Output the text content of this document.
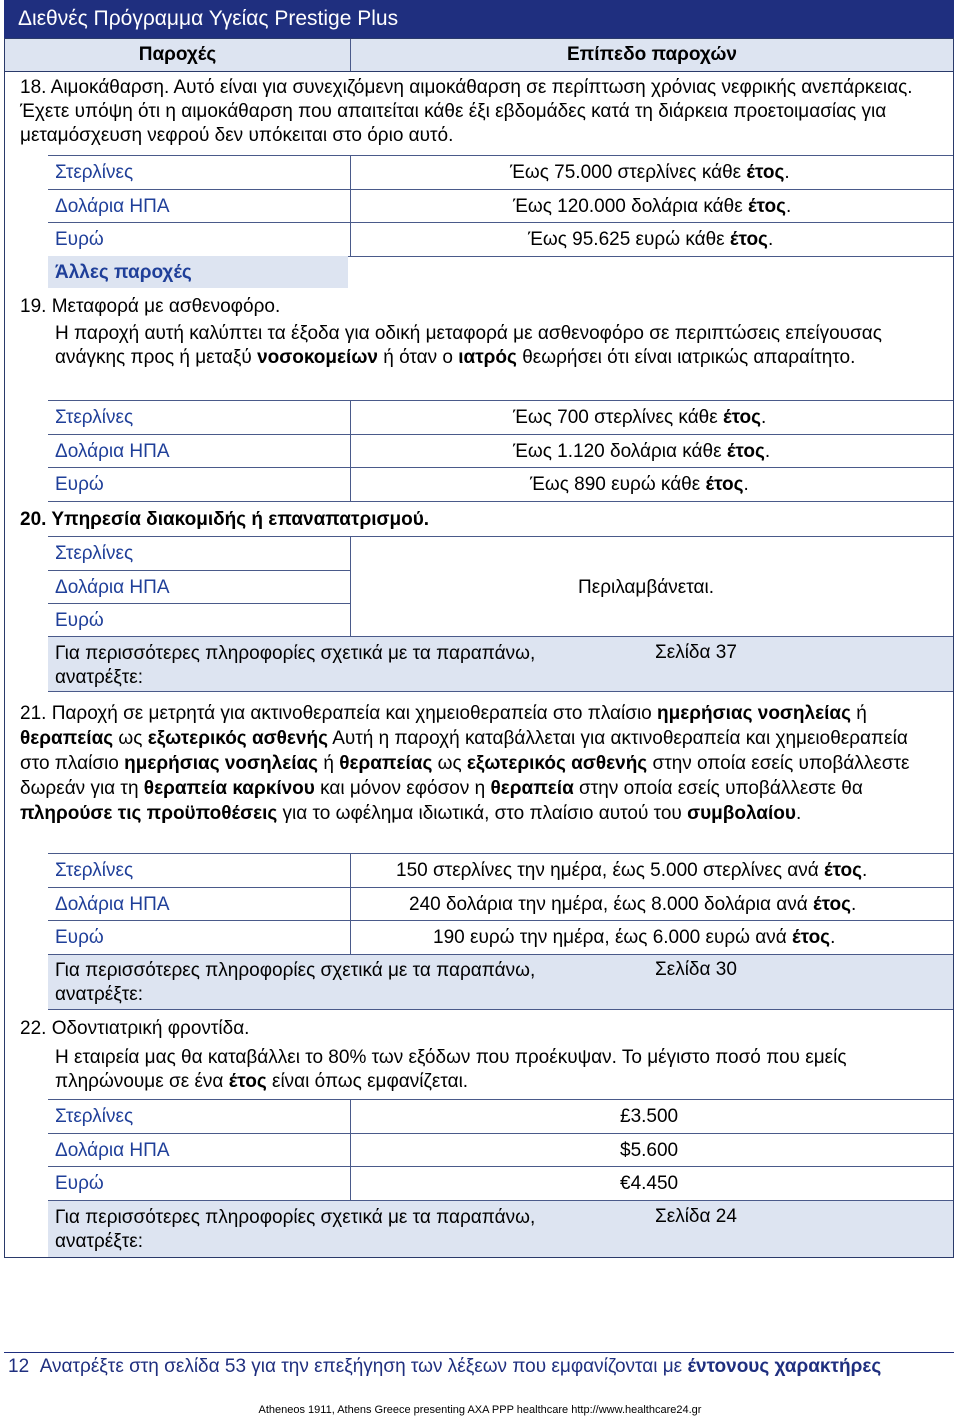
Διεθνές Πρόγραμμα Υγείας Prestige Plus
Παροχές	Επίπεδο παροχών
18. Αιμοκάθαρση. Αυτό είναι για συνεχιζόμενη αιμοκάθαρση σε περίπτωση χρόνιας νεφρικής ανεπάρκειας. Έχετε υπόψη ότι η αιμοκάθαρση που απαιτείται κάθε έξι εβδομάδες κατά τη διάρκεια προετοιμασίας για μεταμόσχευση νεφρού δεν υπόκειται στο όριο αυτό.
Στερλίνες
Δολάρια ΗΠΑ
Ευρώ
Έως 75.000 στερλίνες κάθε έτος.
Έως 120.000 δολάρια κάθε έτος.
Έως 95.625 ευρώ κάθε έτος.
Άλλες παροχές
19. Μεταφορά με ασθενοφόρο.
Η παροχή αυτή καλύπτει τα έξοδα για οδική μεταφορά με ασθενοφόρο σε περιπτώσεις επείγουσας ανάγκης προς ή μεταξύ νοσοκομείων ή όταν ο ιατρός θεωρήσει ότι είναι ιατρικώς απαραίτητο.
Στερλίνες
Δολάρια ΗΠΑ
Ευρώ
Έως 700 στερλίνες κάθε έτος.
Έως 1.120 δολάρια κάθε έτος.
Έως 890 ευρώ κάθε έτος.
20. Υπηρεσία διακομιδής ή επαναπατρισμού.
Στερλίνες
Δολάρια ΗΠΑ
Ευρώ
Περιλαμβάνεται.
Για περισσότερες πληροφορίες σχετικά με τα παραπάνω, ανατρέξτε:
Σελίδα 37
21. Παροχή σε μετρητά για ακτινοθεραπεία και χημειοθεραπεία στο πλαίσιο ημερήσιας νοσηλείας ή θεραπείας ως εξωτερικός ασθενής Αυτή η παροχή καταβάλλεται για ακτινοθεραπεία και χημειοθεραπεία στο πλαίσιο ημερήσιας νοσηλείας ή θεραπείας ως εξωτερικός ασθενής στην οποία εσείς υποβάλλεστε δωρεάν για τη θεραπεία καρκίνου και μόνον εφόσον η θεραπεία στην οποία εσείς υποβάλλεστε θα πληρούσε τις προϋποθέσεις για το ωφέλημα ιδιωτικά, στο πλαίσιο αυτού του συμβολαίου.
Στερλίνες
Δολάρια ΗΠΑ
Ευρώ
150 στερλίνες την ημέρα, έως 5.000 στερλίνες ανά έτος.
240 δολάρια την ημέρα, έως 8.000 δολάρια ανά έτος.
190 ευρώ την ημέρα, έως 6.000 ευρώ ανά έτος.
Για περισσότερες πληροφορίες σχετικά με τα παραπάνω, ανατρέξτε:
Σελίδα 30
22. Οδοντιατρική φροντίδα.
Η εταιρεία μας θα καταβάλλει το 80% των εξόδων που προέκυψαν. Το μέγιστο ποσό που εμείς πληρώνουμε σε ένα έτος είναι όπως εμφανίζεται.
Στερλίνες
Δολάρια ΗΠΑ
Ευρώ
£3.500
$5.600
€4.450
Για περισσότερες πληροφορίες σχετικά με τα παραπάνω, ανατρέξτε:
Σελίδα 24
12 Ανατρέξτε στη σελίδα 53 για την επεξήγηση των λέξεων που εμφανίζονται με έντονους χαρακτήρες
Atheneos 1911, Athens Greece presenting AXA PPP healthcare http://www.healthcare24.gr
